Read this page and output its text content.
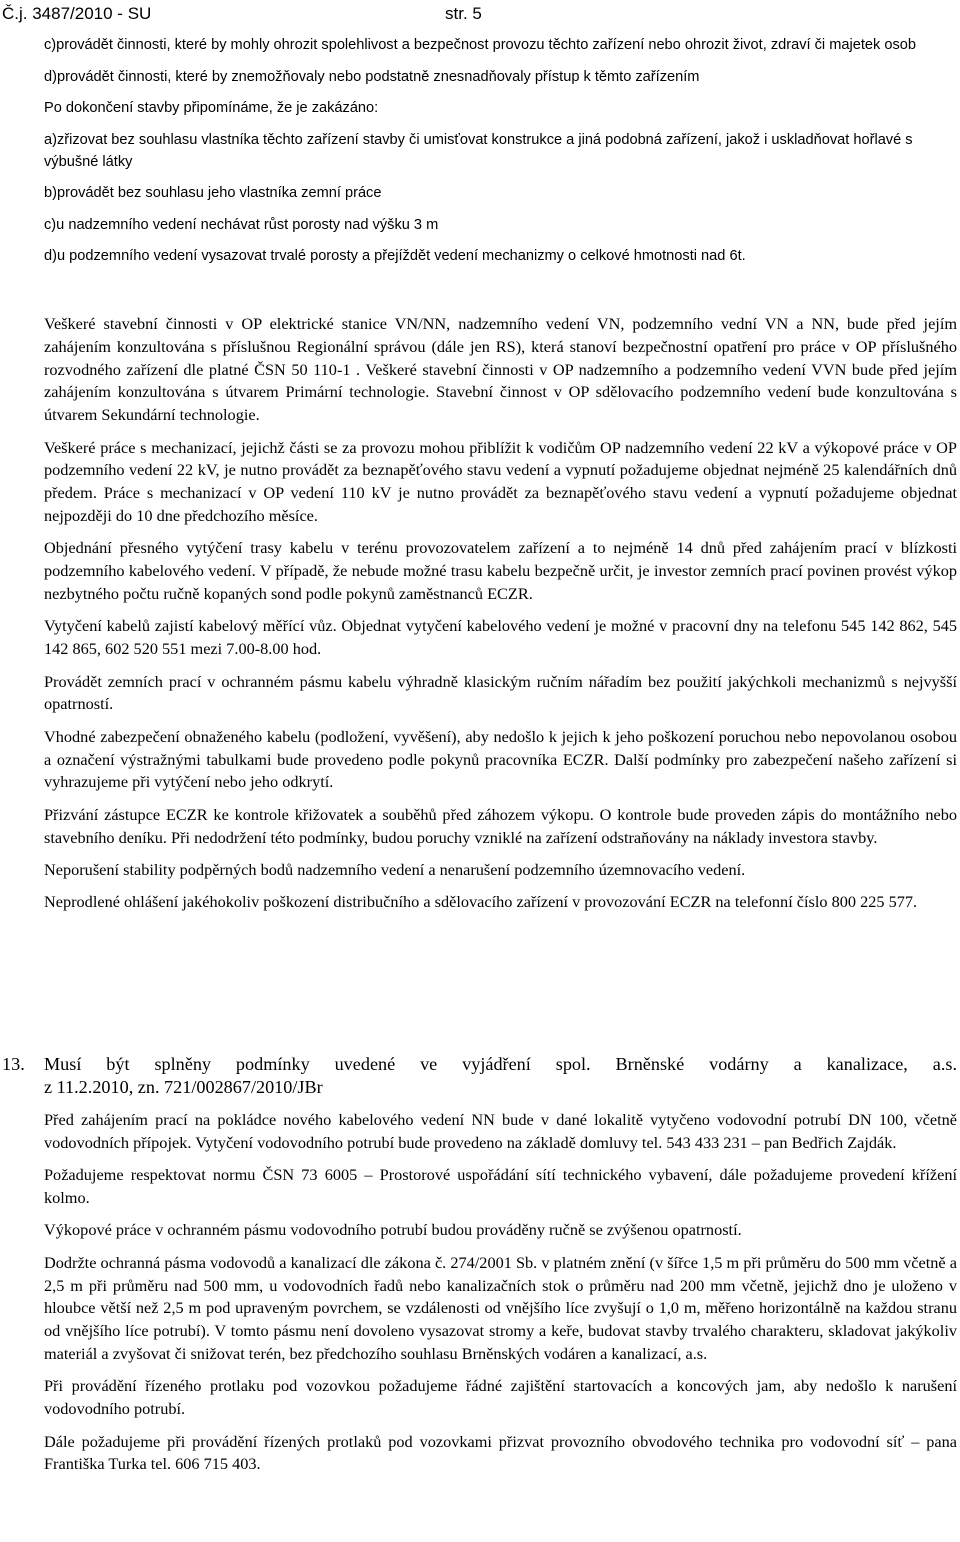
Č.j. 3487/2010 - SU	str. 5

c)provádět činnosti, které by mohly ohrozit spolehlivost a bezpečnost provozu těchto zařízení nebo ohrozit život, zdraví či majetek osob

d)provádět činnosti, které by znemožňovaly nebo podstatně znesnadňovaly přístup k těmto zařízením

Po dokončení stavby připomínáme, že je zakázáno:

a)zřizovat bez souhlasu vlastníka těchto zařízení stavby či umisťovat konstrukce a jiná podobná zařízení, jakož i uskladňovat hořlavé s výbušné látky

b)provádět bez souhlasu jeho vlastníka zemní práce

c)u nadzemního vedení nechávat růst porosty nad výšku 3 m

d)u podzemního vedení vysazovat trvalé porosty a přejíždět vedení mechanizmy o celkové hmotnosti nad 6t.

Veškeré stavební činnosti v OP elektrické stanice VN/NN, nadzemního vedení VN, podzemního vední VN a NN, bude před jejím zahájením konzultována s příslušnou Regionální správou (dále jen RS), která stanoví bezpečnostní opatření pro práce v OP příslušného rozvodného zařízení dle platné ČSN 50 110-1 . Veškeré stavební činnosti v OP nadzemního a podzemního vedení VVN bude před jejím zahájením konzultována s útvarem Primární technologie. Stavební činnost v OP sdělovacího podzemního vedení bude konzultována s útvarem Sekundární technologie.

Veškeré práce s mechanizací, jejichž části se za provozu mohou přiblížit k vodičům OP nadzemního vedení 22 kV a výkopové práce v OP podzemního vedení 22 kV, je nutno provádět za beznapěťového stavu vedení a vypnutí požadujeme objednat nejméně 25 kalendářních dnů předem. Práce s mechanizací v OP vedení 110 kV je nutno provádět za beznapěťového stavu vedení a vypnutí požadujeme objednat nejpozději do 10 dne předchozího měsíce.

Objednání přesného vytýčení trasy kabelu v terénu provozovatelem zařízení a to nejméně 14 dnů před zahájením prací v blízkosti podzemního kabelového vedení. V případě, že nebude možné trasu kabelu bezpečně určit, je investor zemních prací povinen provést výkop nezbytného počtu ručně kopaných sond podle pokynů zaměstnanců ECZR.

Vytyčení kabelů zajistí kabelový měřící vůz. Objednat vytyčení kabelového vedení je možné v pracovní dny na telefonu 545 142 862, 545 142 865, 602 520 551 mezi 7.00-8.00 hod.

Provádět zemních prací v ochranném pásmu kabelu výhradně klasickým ručním nářadím bez použití jakýchkoli mechanizmů s nejvyšší opatrností.

Vhodné zabezpečení obnaženého kabelu (podložení, vyvěšení), aby nedošlo k jejich k jeho poškození poruchou nebo nepovolanou osobou a označení výstražnými tabulkami bude provedeno podle pokynů pracovníka ECZR. Další podmínky pro zabezpečení našeho zařízení si vyhrazujeme při vytýčení nebo jeho odkrytí.

Přizvání zástupce ECZR ke kontrole křižovatek a souběhů před záhozem výkopu. O kontrole bude proveden zápis do montážního nebo stavebního deníku. Při nedodržení této podmínky, budou poruchy vzniklé na zařízení odstraňovány na náklady investora stavby.

Neporušení stability podpěrných bodů nadzemního vedení a nenarušení podzemního územnovacího vedení.

Neprodlené ohlášení jakéhokoliv poškození distribučního a sdělovacího zařízení v provozování ECZR na telefonní číslo 800 225 577.

13. Musí být splněny podmínky uvedené ve vyjádření spol. Brněnské vodárny a kanalizace, a.s.
z 11.2.2010, zn. 721/002867/2010/JBr

Před zahájením prací na pokládce nového kabelového vedení NN bude v dané lokalitě vytyčeno vodovodní potrubí DN 100, včetně vodovodních přípojek. Vytyčení vodovodního potrubí bude provedeno na základě domluvy tel. 543 433 231 – pan Bedřich Zajdák.

Požadujeme respektovat normu ČSN 73 6005 – Prostorové uspořádání sítí technického vybavení, dále požadujeme provedení křížení kolmo.

Výkopové práce v ochranném pásmu vodovodního potrubí budou prováděny ručně se zvýšenou opatrností.

Dodržte ochranná pásma vodovodů a kanalizací dle zákona č. 274/2001 Sb. v platném znění (v šířce 1,5 m při průměru do 500 mm včetně a 2,5 m při průměru nad 500 mm, u vodovodních řadů nebo kanalizačních stok o průměru nad 200 mm včetně, jejichž dno je uloženo v hloubce větší než 2,5 m pod upraveným povrchem, se vzdálenosti od vnějšího líce zvyšují o 1,0 m, měřeno horizontálně na každou stranu od vnějšího líce potrubí). V tomto pásmu není dovoleno vysazovat stromy a keře, budovat stavby trvalého charakteru, skladovat jakýkoliv materiál a zvyšovat či snižovat terén, bez předchozího souhlasu Brněnských vodáren a kanalizací, a.s.

Při provádění řízeného protlaku pod vozovkou požadujeme řádné zajištění startovacích a koncových jam, aby nedošlo k narušení vodovodního potrubí.

Dále požadujeme při provádění řízených protlaků pod vozovkami přizvat provozního obvodového technika pro vodovodní síť – pana Františka Turka tel. 606 715 403.
